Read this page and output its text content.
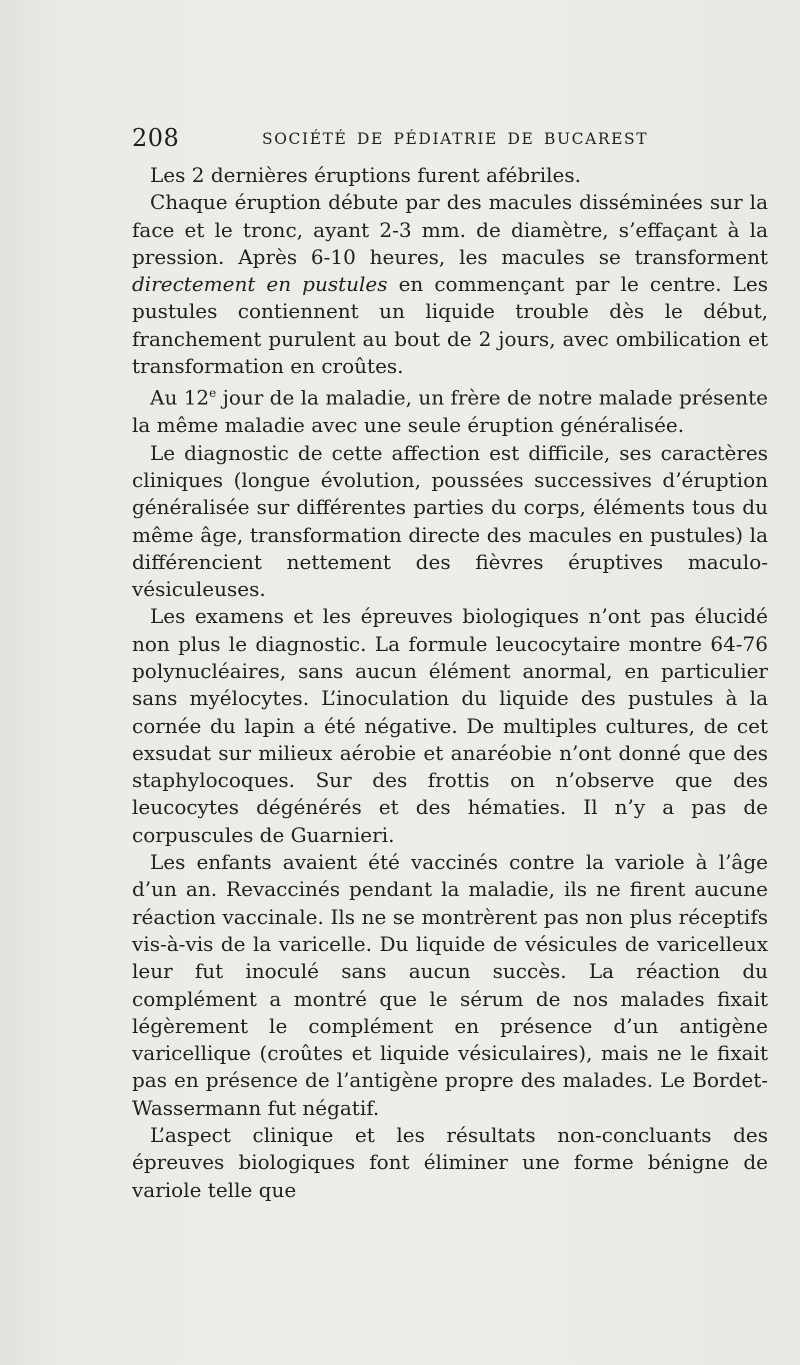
208	SOCIÉTÉ DE PÉDIATRIE DE BUCAREST

Les 2 dernières éruptions furent afébriles.

Chaque éruption débute par des macules disséminées sur la face et le tronc, ayant 2-3 mm. de diamètre, s’effaçant à la pression. Après 6-10 heures, les macules se transforment directement en pustules en commençant par le centre. Les pustules contiennent un liquide trouble dès le début, franchement purulent au bout de 2 jours, avec ombilication et transformation en croûtes.

Au 12e jour de la maladie, un frère de notre malade présente la même maladie avec une seule éruption généralisée.

Le diagnostic de cette affection est difficile, ses caractères cliniques (longue évolution, poussées successives d’éruption généralisée sur différentes parties du corps, éléments tous du même âge, transformation directe des macules en pustules) la différencient nettement des fièvres éruptives maculo-vésiculeuses.

Les examens et les épreuves biologiques n’ont pas élucidé non plus le diagnostic. La formule leucocytaire montre 64-76 polynucléaires, sans aucun élément anormal, en particulier sans myélocytes. L’inoculation du liquide des pustules à la cornée du lapin a été négative. De multiples cultures, de cet exsudat sur milieux aérobie et anaréobie n’ont donné que des staphylocoques. Sur des frottis on n’observe que des leucocytes dégénérés et des hématies. Il n’y a pas de corpuscules de Guarnieri.

Les enfants avaient été vaccinés contre la variole à l’âge d’un an. Revaccinés pendant la maladie, ils ne firent aucune réaction vaccinale. Ils ne se montrèrent pas non plus réceptifs vis-à-vis de la varicelle. Du liquide de vésicules de varicelleux leur fut inoculé sans aucun succès. La réaction du complément a montré que le sérum de nos malades fixait légèrement le complément en présence d’un antigène varicellique (croûtes et liquide vésiculaires), mais ne le fixait pas en présence de l’antigène propre des malades. Le Bordet-Wassermann fut négatif.

L’aspect clinique et les résultats non-concluants des épreuves biologiques font éliminer une forme bénigne de variole telle que
